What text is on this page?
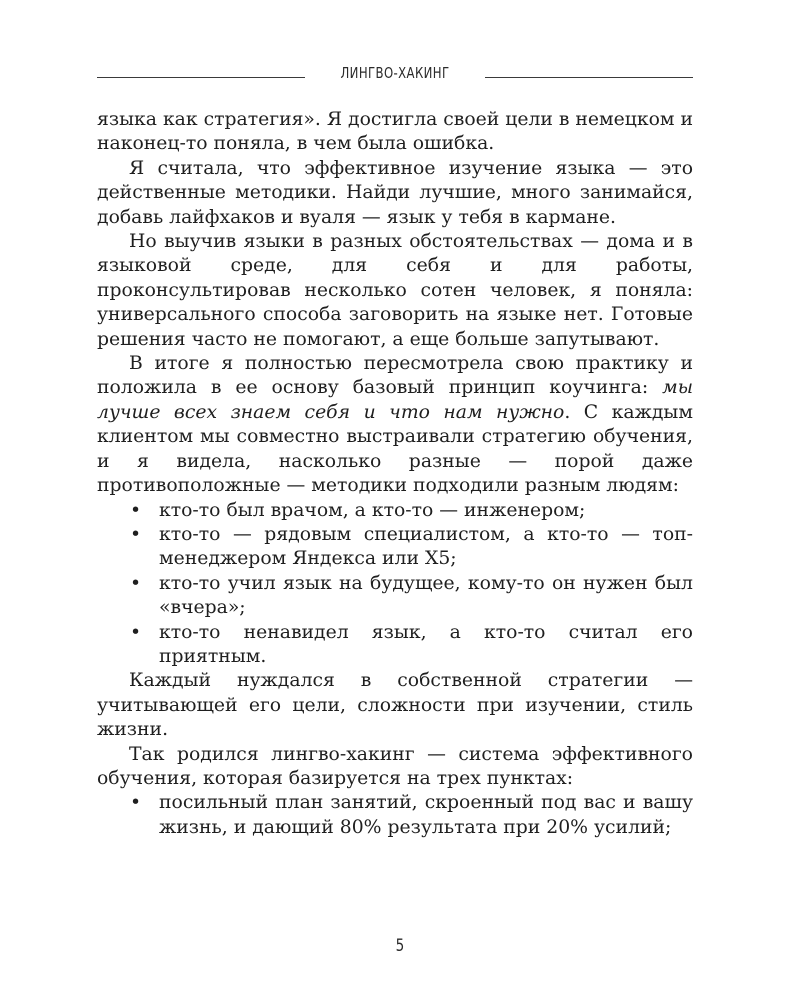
ЛИНГВО-ХАКИНГ

языка как стратегия». Я достигла своей цели в немецком и наконец-то поняла, в чем была ошибка.

Я считала, что эффективное изучение языка — это действенные методики. Найди лучшие, много занимайся, добавь лайфхаков и вуаля — язык у тебя в кармане.

Но выучив языки в разных обстоятельствах — дома и в языковой среде, для себя и для работы, проконсультировав несколько сотен человек, я поняла: универсального способа заговорить на языке нет. Готовые решения часто не помогают, а еще больше запутывают.

В итоге я полностью пересмотрела свою практику и положила в ее основу базовый принцип коучинга: мы лучше всех знаем себя и что нам нужно. С каждым клиентом мы совместно выстраивали стратегию обучения, и я видела, насколько разные — порой даже противоположные — методики подходили разным людям:

• кто-то был врачом, а кто-то — инженером;
• кто-то — рядовым специалистом, а кто-то — топ-менеджером Яндекса или Х5;
• кто-то учил язык на будущее, кому-то он нужен был «вчера»;
• кто-то ненавидел язык, а кто-то считал его приятным.

Каждый нуждался в собственной стратегии — учитывающей его цели, сложности при изучении, стиль жизни.

Так родился лингво-хакинг — система эффективного обучения, которая базируется на трех пунктах:

• посильный план занятий, скроенный под вас и вашу жизнь, и дающий 80% результата при 20% усилий;
5
